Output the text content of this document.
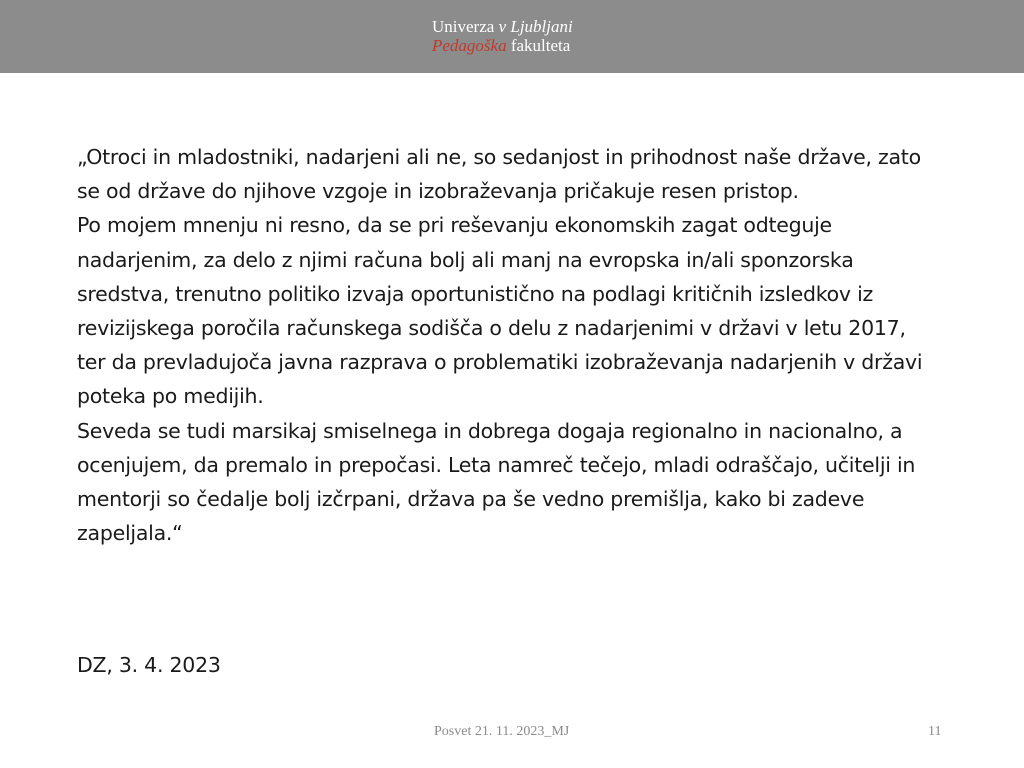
Univerza v Ljubljani
Pedagoška fakulteta

„Otroci in mladostniki, nadarjeni ali ne, so sedanjost in prihodnost naše države, zato se od države do njihove vzgoje in izobraževanja pričakuje resen pristop.

Po mojem mnenju ni resno, da se pri reševanju ekonomskih zagat odteguje nadarjenim, za delo z njimi računa bolj ali manj na evropska in/ali sponzorska sredstva, trenutno politiko izvaja oportunistično na podlagi kritičnih izsledkov iz revizijskega poročila računskega sodišča o delu z nadarjenimi v državi v letu 2017, ter da prevladujoča javna razprava o problematiki izobraževanja nadarjenih v državi poteka po medijih.

Seveda se tudi marsikaj smiselnega in dobrega dogaja regionalno in nacionalno, a ocenjujem, da premalo in prepočasi. Leta namreč tečejo, mladi odraščajo, učitelji in mentorji so čedalje bolj izčrpani, država pa še vedno premišlja, kako bi zadeve zapeljala.“

DZ, 3. 4. 2023
Posvet 21. 11. 2023_MJ	11
